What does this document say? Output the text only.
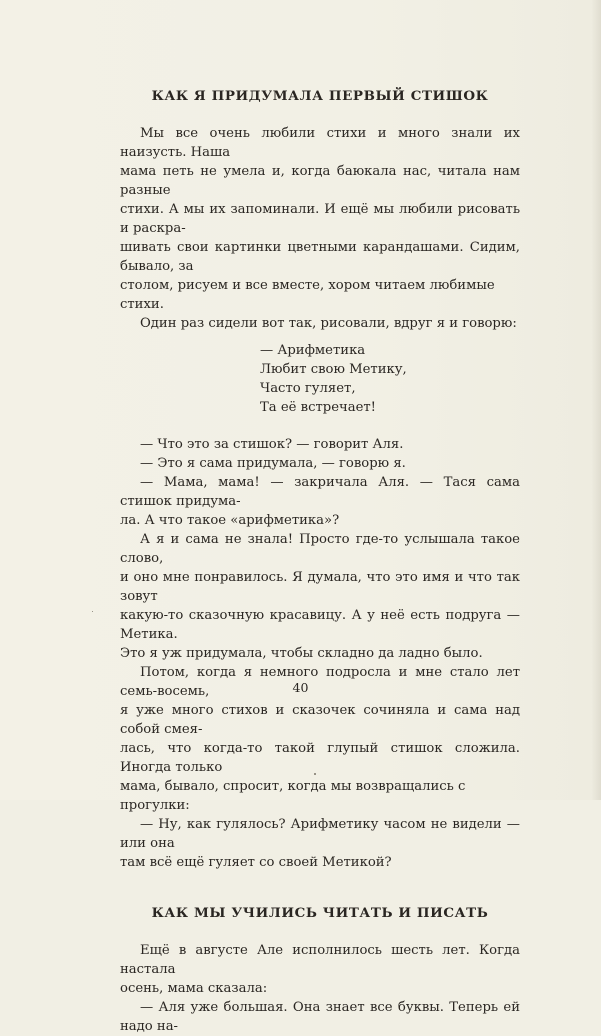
КАК Я ПРИДУМАЛА ПЕРВЫЙ СТИШОК

Мы все очень любили стихи и много знали их наизусть. Наша

мама петь не умела и, когда баюкала нас, читала нам разные

стихи. А мы их запоминали. И ещё мы любили рисовать и раскра-

шивать свои картинки цветными карандашами. Сидим, бывало, за

столом, рисуем и все вместе, хором читаем любимые стихи.

Один раз сидели вот так, рисовали, вдруг я и говорю:

— Арифметика
Любит свою Метику,
Часто гуляет,
Та её встречает!

— Что это за стишок? — говорит Аля.

— Это я сама придумала, — говорю я.

— Мама, мама! — закричала Аля. — Тася сама стишок придума-

ла. А что такое «арифметика»?

А я и сама не знала! Просто где-то услышала такое слово,

и оно мне понравилось. Я думала, что это имя и что так зовут

какую-то сказочную красавицу. А у неё есть подруга — Метика.

Это я уж придумала, чтобы складно да ладно было.

Потом, когда я немного подросла и мне стало лет семь-восемь,

я уже много стихов и сказочек сочиняла и сама над собой смея-

лась, что когда-то такой глупый стишок сложила. Иногда только

мама, бывало, спросит, когда мы возвращались с прогулки:

— Ну, как гулялось? Арифметику часом не видели — или она

там всё ещё гуляет со своей Метикой?

КАК МЫ УЧИЛИСЬ ЧИТАТЬ И ПИСАТЬ

Ещё в августе Але исполнилось шесть лет. Когда настала

осень, мама сказала:

— Аля уже большая. Она знает все буквы. Теперь ей надо на-

40
